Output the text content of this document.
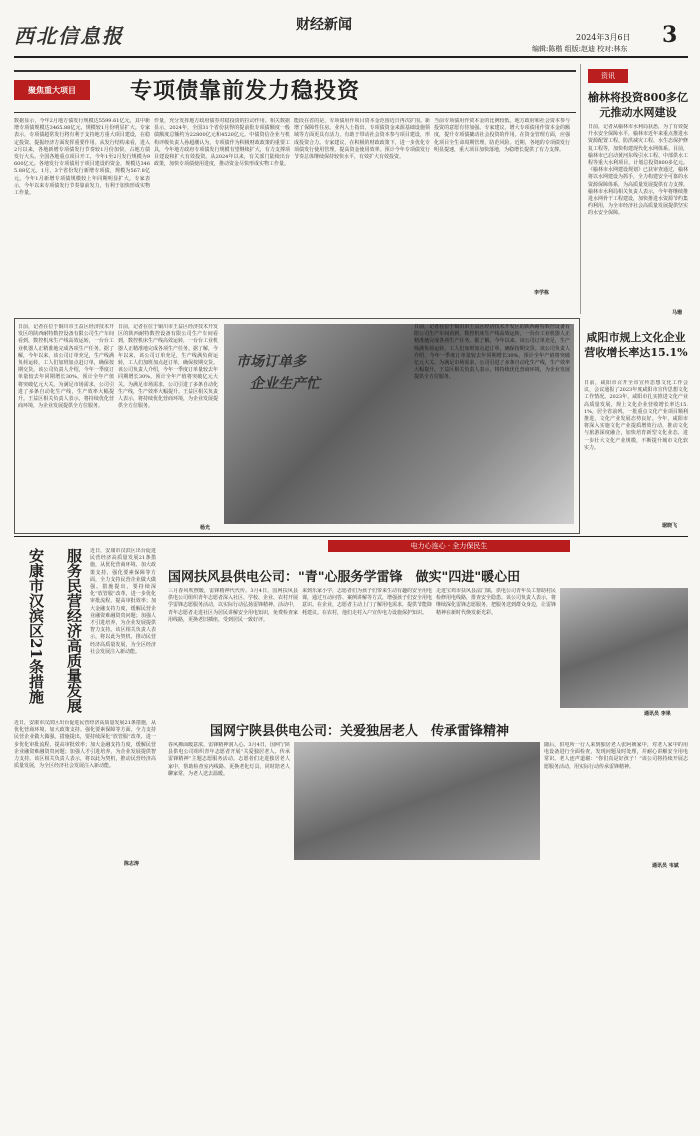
西北信息报	财经新闻
2024年3月6日 3
编辑:陈楷 组版:赵迪 校对:林东
聚焦重大项目	专项债靠前发力稳投资
数据显示，今年2月地方债发行规模达5599.61亿元，其中新增专项债规模达3465.88亿元，规模较1月份明显扩大。专家表示，专项债超常发行将有利于支持地方重大项目建设，在稳定投资、提振经济方面发挥重要作用。从发行结构来看，进入2月以来，各地新增专项债发行节奏较1月份加快，占地方债发行大头。全国各地重点项目开工，今年1至2月发行规模为9600亿元。各地发行专项债用于项目建设的资金，规模达3465.88亿元。1月，3个省份发行新增专项债，规模为567.8亿元。今年1月新增专项债规模较上年同期明显扩大。专家表示，今年以来专项债发行节奏靠前发力，有利于加快形成实物工作量。
作量，充分发挥地方政府债券对稳投资的拉动作用。相关数据显示，2024年，全国31个省份获得的提前批专项债额度一般债额度总额约为22800亿元和4520亿元。中债资信企业与机构评级负责人孙超潮认为，专项债作为积极财政政策的重要工具，今年地方政府专项债发行规模有望继续扩大，有力支撑项目建设和扩大有效投资。从2024年以来，有关部门陆续出台政策，加快专项债使用进度，推动资金尽快形成实物工作量。
能段在省的是，专项债用作项目资本金范围近日再次扩围。新增了保障性住房。业内人士指出，专项债资金来源基础设施领域等方面更具有活力，有助于带动社会资本参与项目建设，形成投资合力。专家建议，在积极的财政政策下，进一步优化专项债发行使用管理，提高资金使用效率。预计今年专项债发行节奏总体继续保持较快水平，有效扩大有效投资。
当前专项债用作资本金的比例较低，地方政府和社会资本参与投资的意愿有待加强。专家建议，增大专项债用作资本金的额度，提升专项债撬动社会投资的作用。在资金管理方面，应强化项目全生命周期管理，防范风险。近期，各地的专项债发行明显提速，重大项目加快落地，为稳增长提供了有力支撑。
李学栋
资讯
榆林将投资800多亿元推动水网建设
日前，记者从榆林市水利局获悉，为了有效提升水安全保障水平，榆林市近年来重点推进水资源配置工程、防洪减灾工程、水生态保护修复工程等，加快构建现代化水网体系。目前，榆林市已启动黄河东线引水工程、中部供水工程等重大水利项目，计划总投资800多亿元。《榆林市水网建设规划》已获审查通过，榆林将以水网建设为抓手，全力构建安全可靠的水资源保障体系，为高质量发展提供有力支撑。榆林市水利局相关负责人表示，今年将继续推进水网骨干工程建设，加快推进水资源节约集约利用，为全市经济社会高质量发展提供坚实的水安全保障。
马珊
日前，记者在位于铜川市王益区经济技术开发区的陕西耐特数控设备有限公司生产车间看到，数控机床生产线高效运转，一台台工业机器人正精准地完成各项生产任务。据了解，今年以来，该公司订单充足，生产线满负荷运转，工人们加班加点赶订单，确保按期交货。该公司负责人介绍，今年一季度订单量较去年同期增长30%，预计全年产值将突破亿元大关。为满足市场需求，公司引进了多条自动化生产线，生产效率大幅提升。王益区相关负责人表示，将持续优化营商环境，为企业发展提供全方位服务。
日前，记者在位于铜川市王益区经济技术开发区的陕西耐特数控设备有限公司生产车间看到，数控机床生产线高效运转，一台台工业机器人正精准地完成各项生产任务。据了解，今年以来，该公司订单充足，生产线满负荷运转，工人们加班加点赶订单，确保按期交货。该公司负责人介绍，今年一季度订单量较去年同期增长30%，预计全年产值将突破亿元大关。为满足市场需求，公司引进了多条自动化生产线，生产效率大幅提升。王益区相关负责人表示，将持续优化营商环境，为企业发展提供全方位服务。
杨光
市场订单多
企业生产忙
日前，记者在位于铜川市王益区经济技术开发区的陕西耐特数控设备有限公司生产车间看到，数控机床生产线高效运转，一台台工业机器人正精准地完成各项生产任务。据了解，今年以来，该公司订单充足，生产线满负荷运转，工人们加班加点赶订单，确保按期交货。该公司负责人介绍，今年一季度订单量较去年同期增长30%，预计全年产值将突破亿元大关。为满足市场需求，公司引进了多条自动化生产线，生产效率大幅提升。王益区相关负责人表示，将持续优化营商环境，为企业发展提供全方位服务。
咸阳市规上文化企业营收增长率达15.1%
日前，咸阳市召开全市宣传思想文化工作会议，会议通报了2023年度咸阳市宣传思想文化工作情况。2023年，咸阳市扎实推进文化产业高质量发展，规上文化企业营收增长率达15.1%，居全省前列。一批重点文化产业项目顺利推进，文化产业发展态势良好。今年，咸阳市将深入实施文化产业提质增效行动，推动文化与旅游深度融合，加快培育新型文化业态，进一步壮大文化产业规模，不断提升城市文化软实力。
琚晓飞
服务民营经济高质量发展
安康市汉滨区21条措施	近日，安康市汉滨区出台促进民营经济高质量发展21条措施，从优化营商环境、加大政策支持、强化要素保障等方面，全力支持民营企业做大做强。措施提出，要持续深化“放管服”改革，进一步优化审批流程，提高审批效率；加大金融支持力度，缓解民营企业融资难融资贵问题；加强人才引进培养，为企业发展提供智力支持。该区相关负责人表示，将以此为契机，推动民营经济高质量发展，为全区经济社会发展注入新动能。
近日，安康市汉滨区出台促进民营经济高质量发展21条措施，从优化营商环境、加大政策支持、强化要素保障等方面，全力支持民营企业做大做强。措施提出，要持续深化“放管服”改革，进一步优化审批流程，提高审批效率；加大金融支持力度，缓解民营企业融资难融资贵问题；加强人才引进培养，为企业发展提供智力支持。该区相关负责人表示，将以此为契机，推动民营经济高质量发展，为全区经济社会发展注入新动能。
陈志涛
电力心连心 · 全力保民生
国网扶风县供电公司："青"心服务学雷锋　做实"四进"暖心田
三月春风吹煦暖，雷锋精神代代传。3月4日，国网扶风县供电公司组织青年志愿者深入社区、学校、企业、农村开展学雷锋志愿服务活动，以实际行动弘扬雷锋精神。活动中，青年志愿者走进社区为居民讲解安全用电知识，免费检查家用线路，更换老旧插座，受到居民一致好评。
来到乐家小学，志愿者们为孩子们带来生动有趣的安全用电课，通过互动问答、案例讲解等方式，增强孩子们安全用电意识。在企业，志愿者主动上门了解用电需求，提供节能降耗建议。在农村，他们走村入户宣传电力设施保护知识。
走进宝鸡市扶风县法门镇，供电公司青年员工帮助村民检修用电线路，排查安全隐患。该公司负责人表示，将继续深化雷锋志愿服务，把服务送到群众身边，让雷锋精神在新时代焕发新光彩。
通讯员 李果
国网宁陕县供电公司：关爱独居老人　传承雷锋精神
春风拂面暖意浓，雷锋精神润人心。3月4日，国网宁陕县供电公司组织青年志愿者开展“关爱独居老人、传承雷锋精神”主题志愿服务活动。志愿者们走进独居老人家中，帮助检查室内线路、更换老化灯具，同时陪老人聊家常，为老人送去温暖。
随后，供电所一行人来到独居老人张阿姨家中，对老人家中的用电设备进行全面检查，发现问题及时处理，并耐心讲解安全用电常识。老人连声道谢：“你们真是好孩子！”该公司将持续开展志愿服务活动，用实际行动传承雷锋精神。
通讯员 韦斌
